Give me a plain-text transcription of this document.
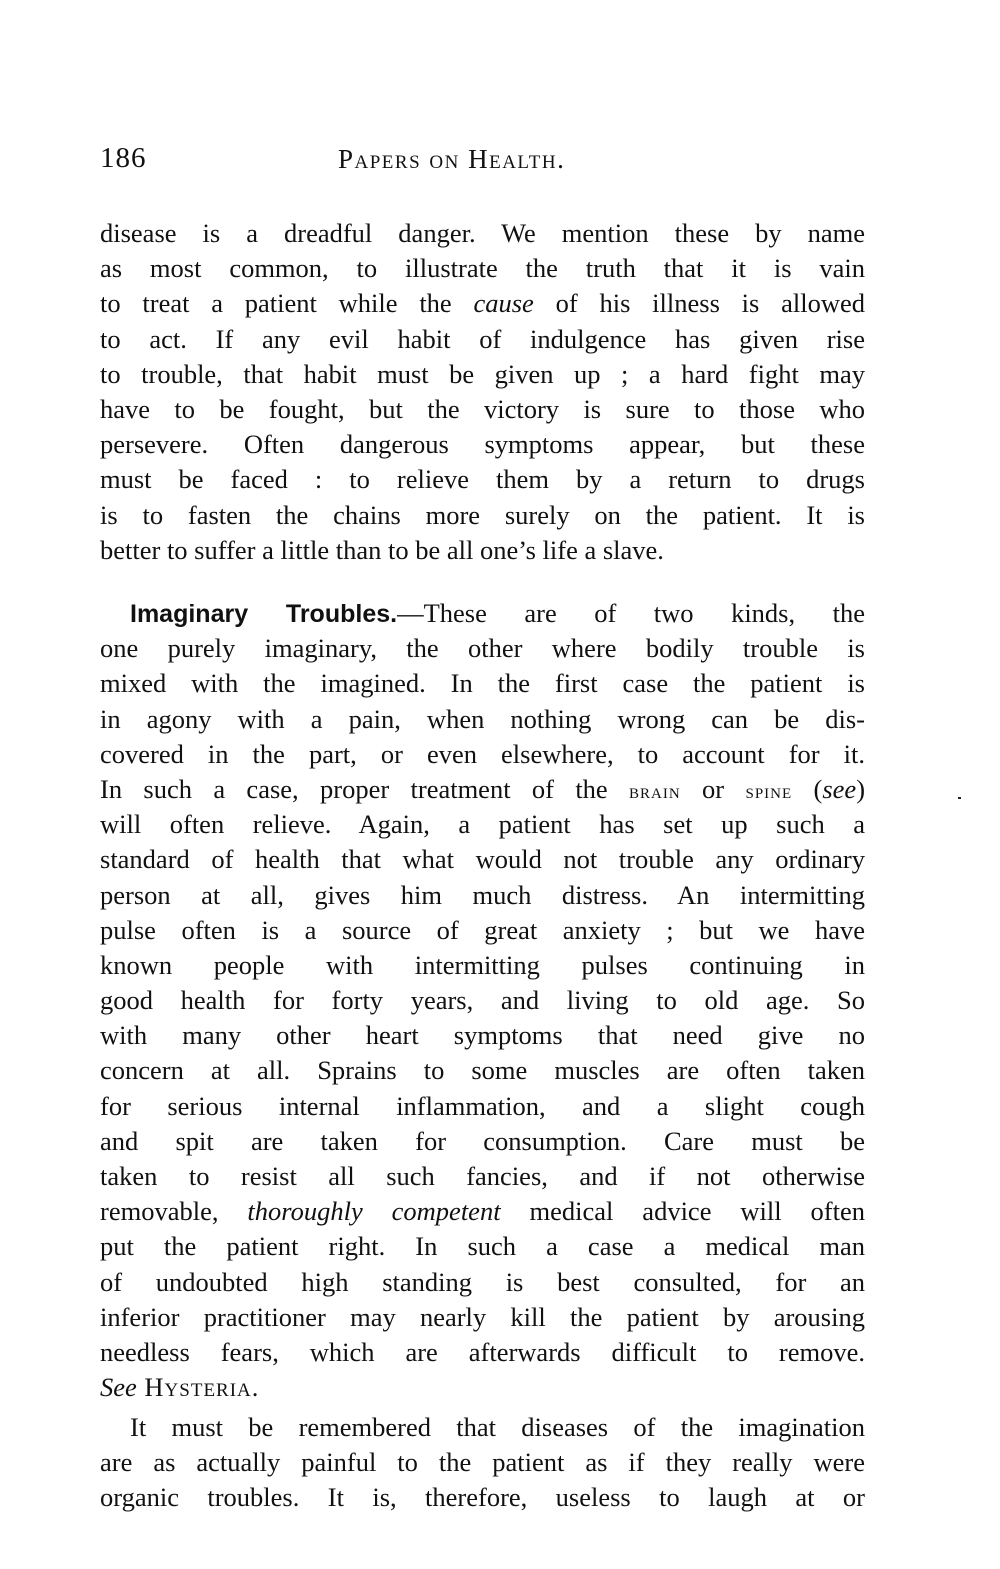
186	Papers on Health.
disease is a dreadful danger. We mention these by name
as most common, to illustrate the truth that it is vain
to treat a patient while the cause of his illness is allowed
to act. If any evil habit of indulgence has given rise
to trouble, that habit must be given up ; a hard fight may
have to be fought, but the victory is sure to those who
persevere. Often dangerous symptoms appear, but these
must be faced : to relieve them by a return to drugs
is to fasten the chains more surely on the patient. It is
better to suffer a little than to be all one’s life a slave.
Imaginary Troubles.—These are of two kinds, the
one purely imaginary, the other where bodily trouble is
mixed with the imagined. In the first case the patient is
in agony with a pain, when nothing wrong can be dis-
covered in the part, or even elsewhere, to account for it.
In such a case, proper treatment of the brain or spine (see)
will often relieve. Again, a patient has set up such a
standard of health that what would not trouble any ordinary
person at all, gives him much distress. An intermitting
pulse often is a source of great anxiety ; but we have
known people with intermitting pulses continuing in
good health for forty years, and living to old age. So
with many other heart symptoms that need give no
concern at all. Sprains to some muscles are often taken
for serious internal inflammation, and a slight cough
and spit are taken for consumption. Care must be
taken to resist all such fancies, and if not otherwise
removable, thoroughly competent medical advice will often
put the patient right. In such a case a medical man
of undoubted high standing is best consulted, for an
inferior practitioner may nearly kill the patient by arousing
needless fears, which are afterwards difficult to remove.
See Hysteria.
It must be remembered that diseases of the imagination
are as actually painful to the patient as if they really were
organic troubles. It is, therefore, useless to laugh at or
